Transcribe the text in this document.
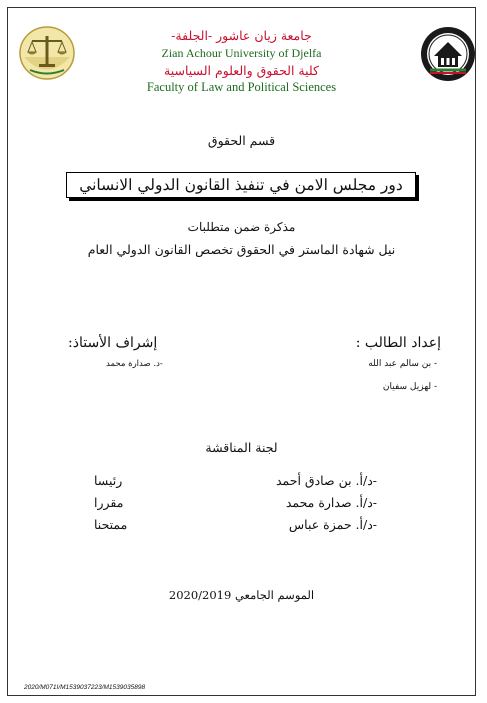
جامعة زيان عاشور -الجلفة-
Zian Achour University of Djelfa
كلية الحقوق والعلوم السياسية
Faculty of Law and Political Sciences
قسم الحقوق
دور مجلس الامن في تنفيذ القانون الدولي الانساني
مذكرة ضمن متطلبات
نيل شهادة الماستر في الحقوق تخصص القانون الدولي العام
إعداد الطالب :
- بن سالم عبد الله
- لهزيل سفيان
إشراف الأستاذ:
-د. صدارة محمد
لجنة المناقشة
-د/أ. بن صادق أحمد
رئيسا
-د/أ. صدارة محمد
مقررا
-د/أ. حمزة عباس
ممتحنا
الموسم الجامعي 2020/2019
2020/M071I/M1539037223/M1539035898
